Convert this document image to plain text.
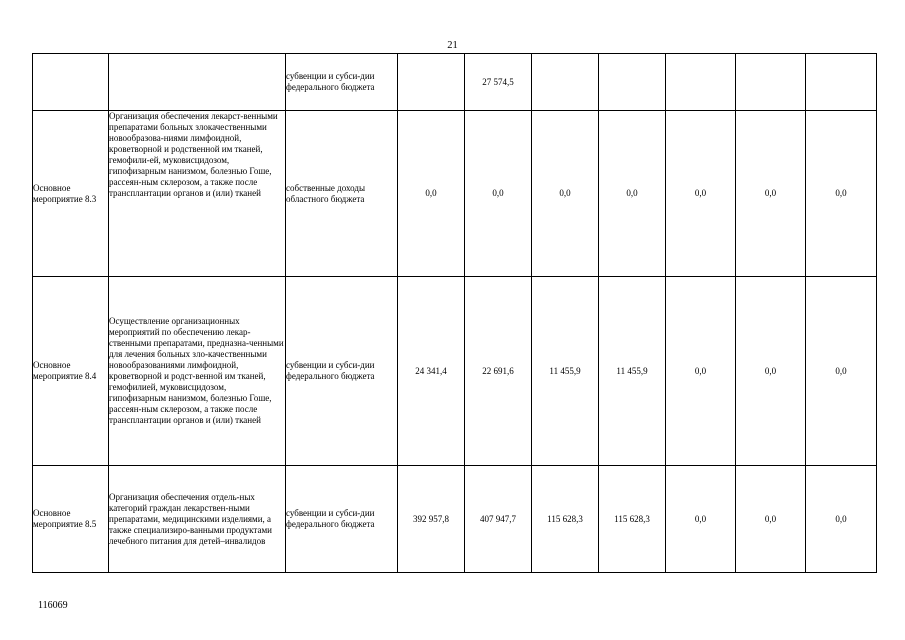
21
		субвенции и субси-дии федерального бюджета		27 574,5					
Основное мероприятие 8.3	Организация обеспечения лекарст-венными препаратами больных злокачественными новообразова-ниями лимфоидной, кроветворной и родственной им тканей, гемофили-ей, муковисцидозом, гипофизарным нанизмом, болезнью Гоше, рассеян-ным склерозом, а также после трансплантации органов и (или) тканей	собственные доходы областного бюджета	0,0	0,0	0,0	0,0	0,0	0,0	0,0
Основное мероприятие 8.4	Осуществление организационных мероприятий по обеспечению лекар-ственными препаратами, предназна-ченными для лечения больных зло-качественными новообразованиями лимфоидной, кроветворной и родст-венной им тканей, гемофилией, муковисцидозом, гипофизарным нанизмом, болезнью Гоше, рассеян-ным склерозом, а также после трансплантации органов и (или) тканей	субвенции и субси-дии федерального бюджета	24 341,4	22 691,6	11 455,9	11 455,9	0,0	0,0	0,0
Основное мероприятие 8.5	Организация обеспечения отдель-ных категорий граждан лекарствен-ными препаратами, медицинскими изделиями, а также специализиро-ванными продуктами лечебного питания для детей–инвалидов	субвенции и субси-дии федерального бюджета	392 957,8	407 947,7	115 628,3	115 628,3	0,0	0,0	0,0
116069
